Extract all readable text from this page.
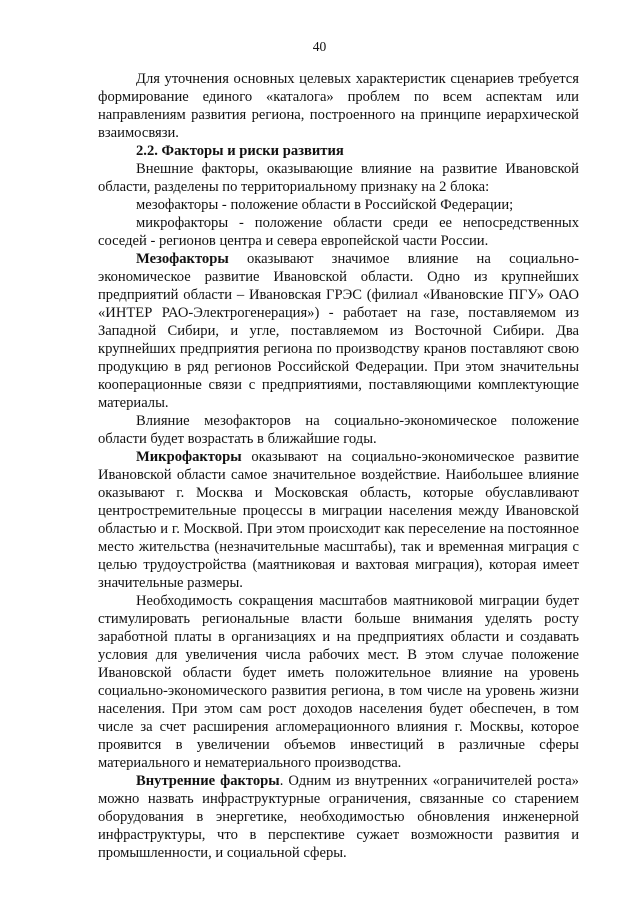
40

Для уточнения основных целевых характеристик сценариев требуется формирование единого «каталога» проблем по всем аспектам или направлениям развития региона, построенного на принципе иерархической взаимосвязи.

2.2. Факторы и риски развития

Внешние факторы, оказывающие влияние на развитие Ивановской области, разделены по территориальному признаку на 2 блока:

мезофакторы - положение области в Российской Федерации;

микрофакторы - положение области среди ее непосредственных соседей - регионов центра и севера европейской части России.

Мезофакторы оказывают значимое влияние на социально-экономическое развитие Ивановской области. Одно из крупнейших предприятий области – Ивановская ГРЭС (филиал «Ивановские ПГУ» ОАО «ИНТЕР РАО-Электрогенерация») - работает на газе, поставляемом из Западной Сибири, и угле, поставляемом из Восточной Сибири. Два крупнейших предприятия региона по производству кранов поставляют свою продукцию в ряд регионов Российской Федерации. При этом значительны кооперационные связи с предприятиями, поставляющими комплектующие материалы.

Влияние мезофакторов на социально-экономическое положение области будет возрастать в ближайшие годы.

Микрофакторы оказывают на социально-экономическое развитие Ивановской области самое значительное воздействие. Наибольшее влияние оказывают г. Москва и Московская область, которые обуславливают центростремительные процессы в миграции населения между Ивановской областью и г. Москвой. При этом происходит как переселение на постоянное место жительства (незначительные масштабы), так и временная миграция с целью трудоустройства (маятниковая и вахтовая миграция), которая имеет значительные размеры.

Необходимость сокращения масштабов маятниковой миграции будет стимулировать региональные власти больше внимания уделять росту заработной платы в организациях и на предприятиях области и создавать условия для увеличения числа рабочих мест. В этом случае положение Ивановской области будет иметь положительное влияние на уровень социально-экономического развития региона, в том числе на уровень жизни населения. При этом сам рост доходов населения будет обеспечен, в том числе за счет расширения агломерационного влияния г. Москвы, которое проявится в увеличении объемов инвестиций в различные сферы материального и нематериального производства.

Внутренние факторы. Одним из внутренних «ограничителей роста» можно назвать инфраструктурные ограничения, связанные со старением оборудования в энергетике, необходимостью обновления инженерной инфраструктуры, что в перспективе сужает возможности развития и промышленности, и социальной сферы.
